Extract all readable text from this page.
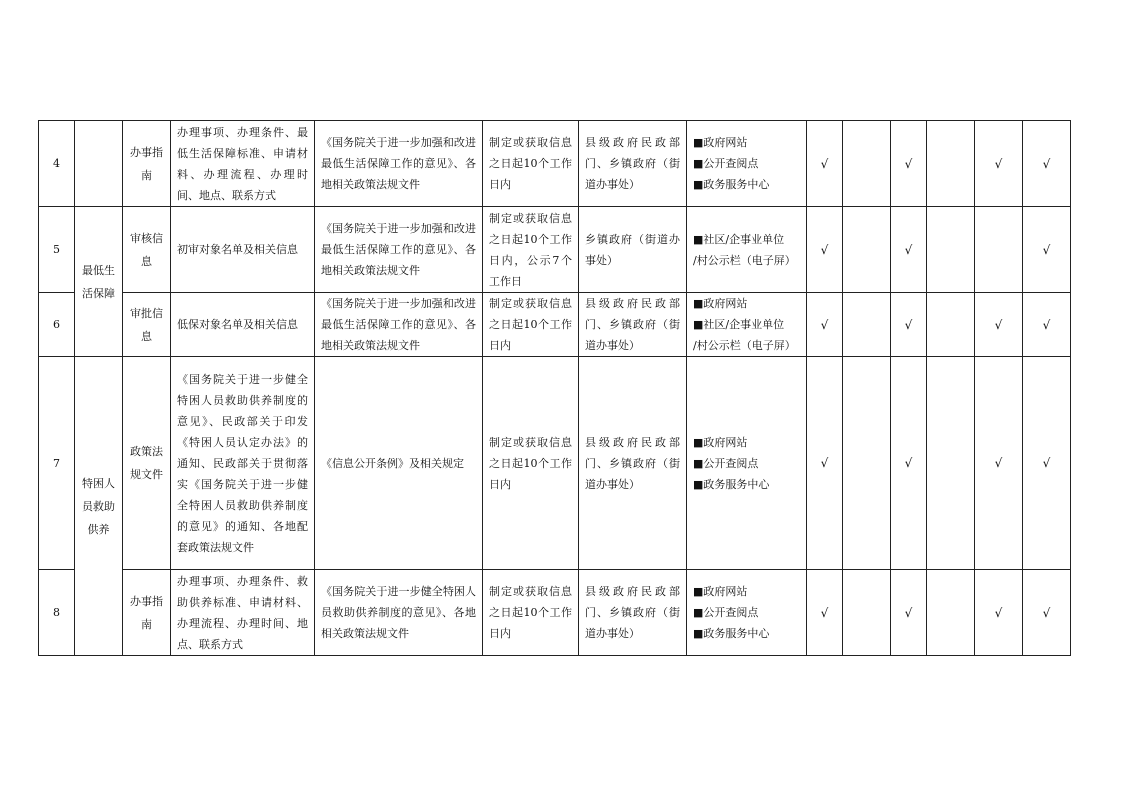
4		办事指南	办理事项、办理条件、最低生活保障标准、申请材料、办理流程、办理时间、地点、联系方式	《国务院关于进一步加强和改进最低生活保障工作的意见》、各地相关政策法规文件	制定或获取信息之日起10个工作日内	县级政府民政部门、乡镇政府（街道办事处）	■政府网站
■公开查阅点
■政务服务中心	√		√		√	√
5	最低生活保障	审核信息	初审对象名单及相关信息	《国务院关于进一步加强和改进最低生活保障工作的意见》、各地相关政策法规文件	制定或获取信息之日起10个工作日内，公示7个工作日	乡镇政府（街道办事处）	■社区/企事业单位
/村公示栏（电子屏）	√		√			√
6		审批信息	低保对象名单及相关信息	《国务院关于进一步加强和改进最低生活保障工作的意见》、各地相关政策法规文件	制定或获取信息之日起10个工作日内	县级政府民政部门、乡镇政府（街道办事处）	■政府网站
■社区/企事业单位
/村公示栏（电子屏）	√		√		√	√
7	特困人员救助供养	政策法规文件	《国务院关于进一步健全特困人员救助供养制度的意见》、民政部关于印发《特困人员认定办法》的通知、民政部关于贯彻落实《国务院关于进一步健全特困人员救助供养制度的意见》的通知、各地配套政策法规文件	《信息公开条例》及相关规定	制定或获取信息之日起10个工作日内	县级政府民政部门、乡镇政府（街道办事处）	■政府网站
■公开查阅点
■政务服务中心	√		√		√	√
8		办事指南	办理事项、办理条件、救助供养标准、申请材料、办理流程、办理时间、地点、联系方式	《国务院关于进一步健全特困人员救助供养制度的意见》、各地相关政策法规文件	制定或获取信息之日起10个工作日内	县级政府民政部门、乡镇政府（街道办事处）	■政府网站
■公开查阅点
■政务服务中心	√		√		√	√
